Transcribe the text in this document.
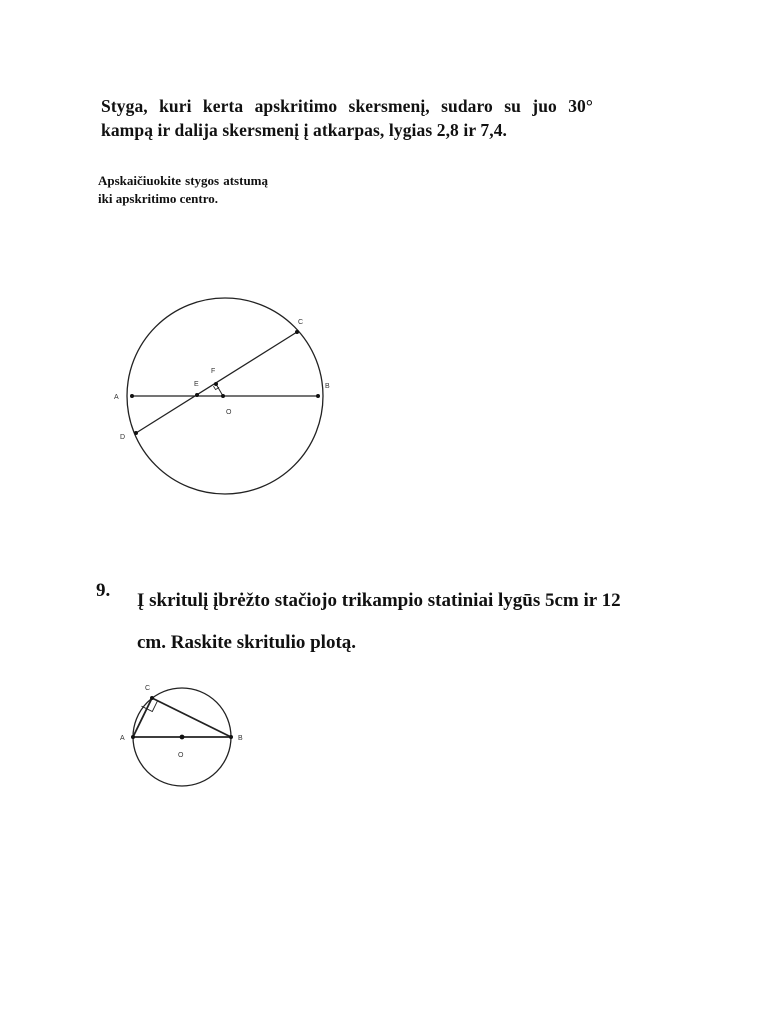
Styga, kuri kerta apskritimo skersmenį, sudaro su juo 30° kampą ir dalija skersmenį į atkarpas, lygias 2,8 ir 7,4.

Apskaičiuokite stygos atstumą iki apskritimo centro.

9. Į skritulį įbrėžto stačiojo trikampio statiniai lygūs 5cm ir 12
cm. Raskite skritulio plotą.
A
B
C
D
E
F
O
A	B
C
O
